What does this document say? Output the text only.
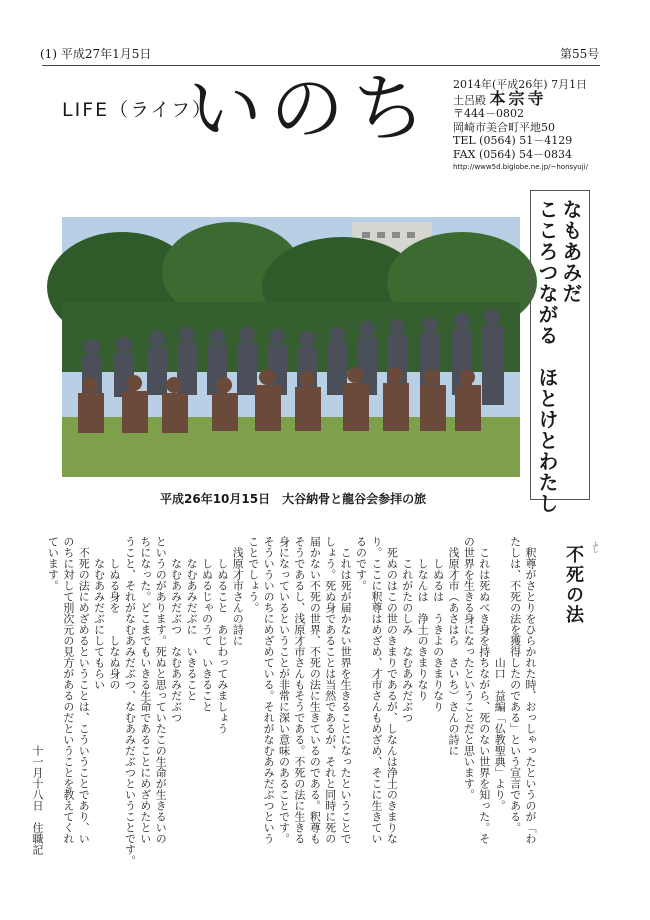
(1) 平成27年1月5日	第55号
LIFE（ライフ）
いのち 2014年(平成26年) 7月1日
土呂殿 本宗寺
〒444－0802
岡崎市美合町平地50
TEL (0564) 51－4129
FAX (0564) 54－0834
http://www5d.biglobe.ne.jp/~honsyuji/
平成26年10月15日　大谷納骨と龍谷会参拝の旅
なもあみだ
こころつながる　ほとけとわたし
不死の法	ふし
　釈尊がさとりをひらかれた時、おっしゃったというのが「わ
たしは、不死の法を獲得したのである」という宣言である。
　　　　　　　　　　　山口　益編「仏教聖典」より。
　これは死ぬべき身を持ちながら、死のない世界を知った。そ
の世界を生きる身になったということだと思います。
　浅原才市（あさはら　さいち）さんの詩に
　　しぬるは　うきよのきまりなり
　　しなんは　浄土のきまりなり
　　これがたのしみ　なむあみだぶつ
　死ぬのはこの世のきまりであるが、しなんは浄土のきまりな
り。ここに釈尊はめざめ、才市さんもめざめ、そこに生きてい
るのです。
　これは死が届かない世界を生きることになったということで
しょう。死ぬ身であることは当然であるが、それと同時に死の
届かない不死の世界、不死の法に生きているのである。釈尊も
そうであるし、浅原才市さんもそうである。不死の法に生きる
身になっているということが非常に深い意味のあることです。
そういういのちにめざめている。それがなむあみだぶつという
ことでしょう。
　浅原才市さんの詩に
　　しぬること　あじわってみましょう
　　しぬるじゃのうて　いきること
　　なむあみだぶに　いきること
　　なむあみだぶつ　なむあみだぶつ
というのがあります。死ぬと思っていたこの生命が生きるいの
ちになった。どこまでもいきる生命であることにめざめたとい
うこと、それがなむあみだぶつ、なむあみだぶつということです。
　　しぬる身を　　しなぬ身の
　　なむあみだぶにしてもらい
　不死の法にめざめるということは、こういうことであり、い
のちに対して別次元の見方があるのだということを教えてくれ
ています。
　　　　　　　　　　　　　　　　　　　十一月十八日　住職記
